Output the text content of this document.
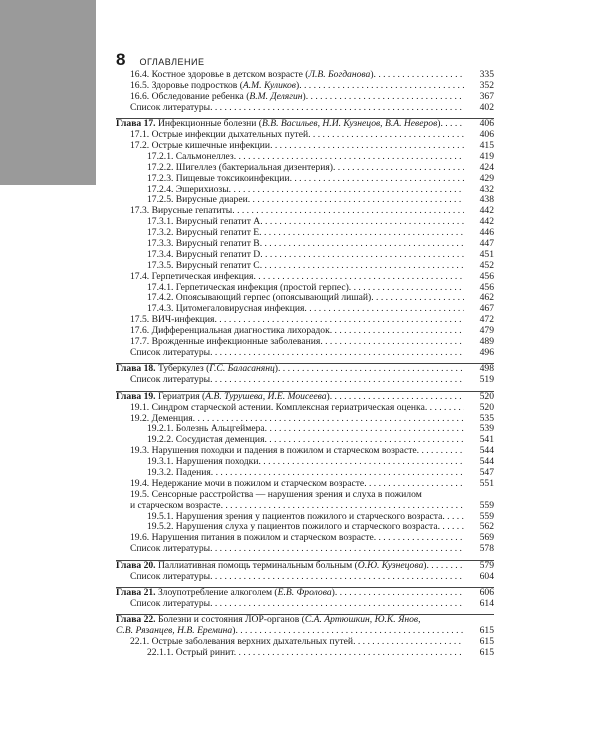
8 ОГЛАВЛЕНИЕ
16.4. Костное здоровье в детском возрасте (Л.В. Богданова) . . .	335
16.5. Здоровье подростков (А.М. Куликов) . . .	352
16.6. Обследование ребенка (В.М. Делягин) . . .	367
Список литературы . . .	402
Глава 17. Инфекционные болезни (В.В. Васильев, Н.И. Кузнецов, В.А. Неверов) . . .	406
17.1. Острые инфекции дыхательных путей . . .	406
17.2. Острые кишечные инфекции . . .	415
17.2.1. Сальмонеллез . . .	419
17.2.2. Шигеллез (бактериальная дизентерия) . . .	424
17.2.3. Пищевые токсикоинфекции . . .	429
17.2.4. Эшерихиозы . . .	432
17.2.5. Вирусные диареи . . .	438
17.3. Вирусные гепатиты . . .	442
17.3.1. Вирусный гепатит А . . .	442
17.3.2. Вирусный гепатит Е . . .	446
17.3.3. Вирусный гепатит В . . .	447
17.3.4. Вирусный гепатит D . . .	451
17.3.5. Вирусный гепатит С . . .	452
17.4. Герпетическая инфекция . . .	456
17.4.1. Герпетическая инфекция (простой герпес) . . .	456
17.4.2. Опоясывающий герпес (опоясывающий лишай) . . .	462
17.4.3. Цитомегаловирусная инфекция . . .	467
17.5. ВИЧ-инфекция . . .	472
17.6. Дифференциальная диагностика лихорадок . . .	479
17.7. Врожденные инфекционные заболевания . . .	489
Список литературы . . .	496
Глава 18. Туберкулез (Г.С. Баласанянц) . . .	498
Список литературы . . .	519
Глава 19. Гериатрия (А.В. Турушева, И.Е. Моисеева) . . .	520
19.1. Синдром старческой астении. Комплексная гериатрическая оценка . . .	520
19.2. Деменция . . .	535
19.2.1. Болезнь Альцгеймера . . .	539
19.2.2. Сосудистая деменция . . .	541
19.3. Нарушения походки и падения в пожилом и старческом возрасте . . .	544
19.3.1. Нарушения походки . . .	544
19.3.2. Падения . . .	547
19.4. Недержание мочи в пожилом и старческом возрасте . . .	551
19.5. Сенсорные расстройства — нарушения зрения и слуха в пожилом
и старческом возрасте . . .	559
19.5.1. Нарушения зрения у пациентов пожилого и старческого возраста . . .	559
19.5.2. Нарушения слуха у пациентов пожилого и старческого возраста . . .	562
19.6. Нарушения питания в пожилом и старческом возрасте . . .	569
Список литературы . . .	578
Глава 20. Паллиативная помощь терминальным больным (О.Ю. Кузнецова) . . .	579
Список литературы . . .	604
Глава 21. Злоупотребление алкоголем (Е.В. Фролова) . . .	606
Список литературы . . .	614
Глава 22. Болезни и состояния ЛОР-органов (С.А. Артюшкин, Ю.К. Янов,
С.В. Рязанцев, Н.В. Еремина) . . .	615
22.1. Острые заболевания верхних дыхательных путей . . .	615
22.1.1. Острый ринит . . .	615
